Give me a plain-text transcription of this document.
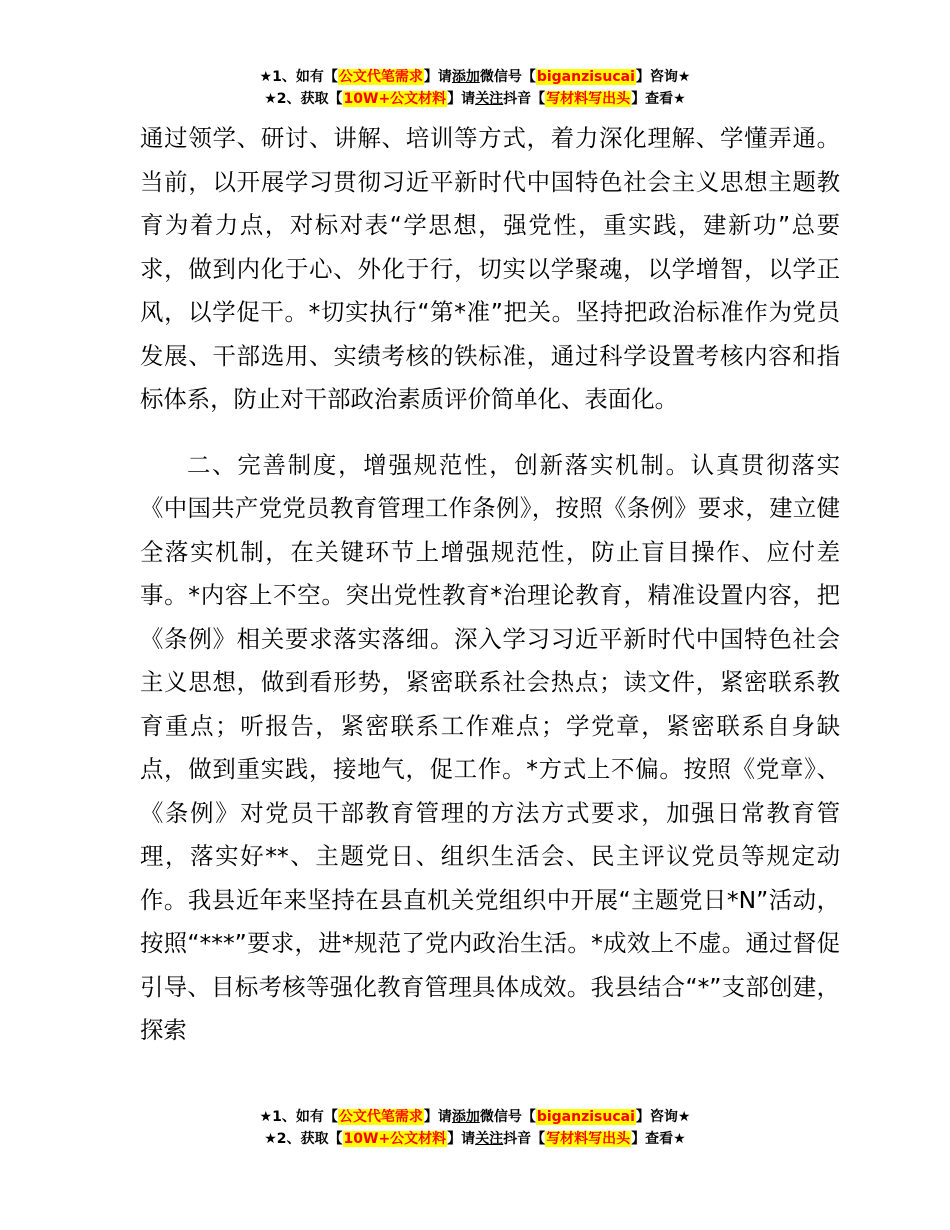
★1、如有【公文代笔需求】请添加微信号【biganzisucai】咨询★
★2、获取【10W+公文材料】请关注抖音【写材料写出头】查看★

通过领学、研讨、讲解、培训等方式，着力深化理解、学懂弄通。当前，以开展学习贯彻习近平新时代中国特色社会主义思想主题教育为着力点，对标对表“学思想，强党性，重实践，建新功”总要求，做到内化于心、外化于行，切实以学聚魂，以学增智，以学正风，以学促干。*切实执行“第*准”把关。坚持把政治标准作为党员发展、干部选用、实绩考核的铁标准，通过科学设置考核内容和指标体系，防止对干部政治素质评价简单化、表面化。

二、完善制度，增强规范性，创新落实机制。认真贯彻落实《中国共产党党员教育管理工作条例》，按照《条例》要求，建立健全落实机制，在关键环节上增强规范性，防止盲目操作、应付差事。*内容上不空。突出党性教育*治理论教育，精准设置内容，把《条例》相关要求落实落细。深入学习习近平新时代中国特色社会主义思想，做到看形势，紧密联系社会热点；读文件，紧密联系教育重点；听报告，紧密联系工作难点；学党章，紧密联系自身缺点，做到重实践，接地气，促工作。*方式上不偏。按照《党章》、《条例》对党员干部教育管理的方法方式要求，加强日常教育管理，落实好**、主题党日、组织生活会、民主评议党员等规定动作。我县近年来坚持在县直机关党组织中开展“主题党日*N”活动，按照“***”要求，进*规范了党内政治生活。*成效上不虚。通过督促引导、目标考核等强化教育管理具体成效。我县结合“*”支部创建，探索

★1、如有【公文代笔需求】请添加微信号【biganzisucai】咨询★
★2、获取【10W+公文材料】请关注抖音【写材料写出头】查看★
